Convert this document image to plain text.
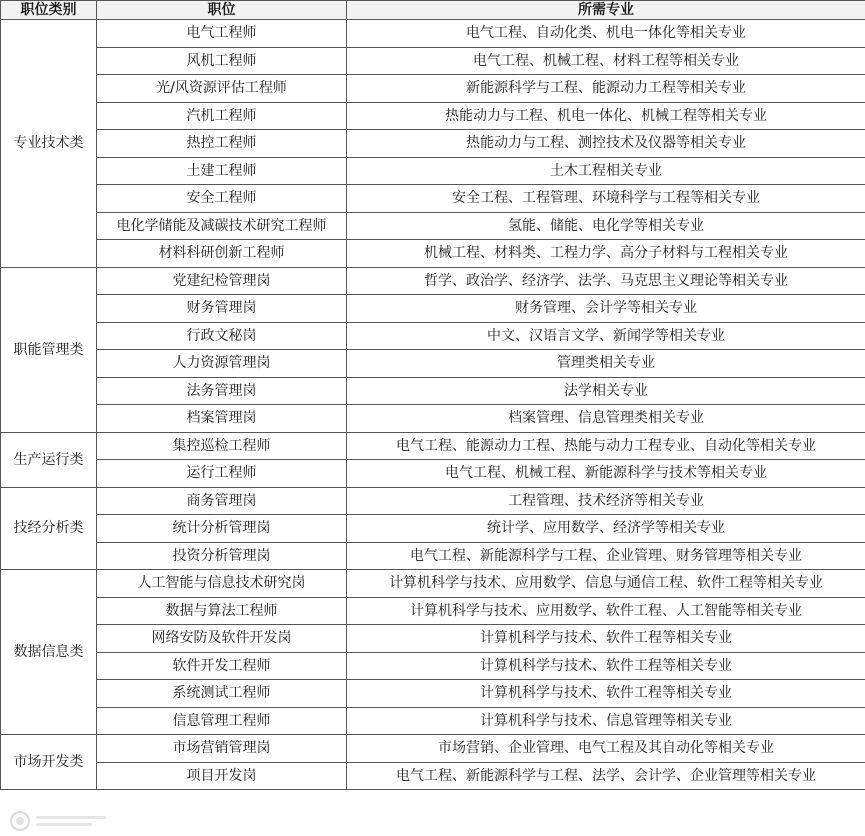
职位类别	职位	所需专业
专业技术类	电气工程师	电气工程、自动化类、机电一体化等相关专业
	风机工程师	电气工程、机械工程、材料工程等相关专业
	光/风资源评估工程师	新能源科学与工程、能源动力工程等相关专业
	汽机工程师	热能动力与工程、机电一体化、机械工程等相关专业
	热控工程师	热能动力与工程、测控技术及仪器等相关专业
	土建工程师	土木工程相关专业
	安全工程师	安全工程、工程管理、环境科学与工程等相关专业
	电化学储能及减碳技术研究工程师	氢能、储能、电化学等相关专业
	材料科研创新工程师	机械工程、材料类、工程力学、高分子材料与工程相关专业
职能管理类	党建纪检管理岗	哲学、政治学、经济学、法学、马克思主义理论等相关专业
	财务管理岗	财务管理、会计学等相关专业
	行政文秘岗	中文、汉语言文学、新闻学等相关专业
	人力资源管理岗	管理类相关专业
	法务管理岗	法学相关专业
	档案管理岗	档案管理、信息管理类相关专业
生产运行类	集控巡检工程师	电气工程、能源动力工程、热能与动力工程专业、自动化等相关专业
	运行工程师	电气工程、机械工程、新能源科学与技术等相关专业
技经分析类	商务管理岗	工程管理、技术经济等相关专业
	统计分析管理岗	统计学、应用数学、经济学等相关专业
	投资分析管理岗	电气工程、新能源科学与工程、企业管理、财务管理等相关专业
数据信息类	人工智能与信息技术研究岗	计算机科学与技术、应用数学、信息与通信工程、软件工程等相关专业
	数据与算法工程师	计算机科学与技术、应用数学、软件工程、人工智能等相关专业
	网络安防及软件开发岗	计算机科学与技术、软件工程等相关专业
	软件开发工程师	计算机科学与技术、软件工程等相关专业
	系统测试工程师	计算机科学与技术、软件工程等相关专业
	信息管理工程师	计算机科学与技术、信息管理等相关专业
市场开发类	市场营销管理岗	市场营销、企业管理、电气工程及其自动化等相关专业
	项目开发岗	电气工程、新能源科学与工程、法学、会计学、企业管理等相关专业
